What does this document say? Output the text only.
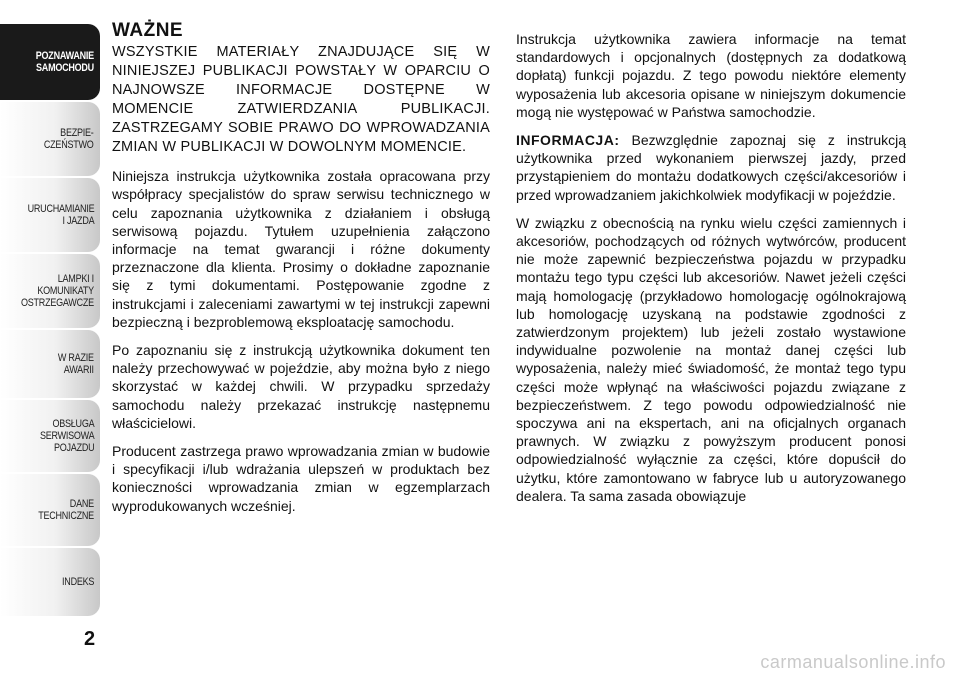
POZNAWANIE
SAMOCHODU
BEZPIE-
CZEŃSTWO
URUCHAMIANIE
I JAZDA
LAMPKI I
KOMUNIKATY
OSTRZEGAWCZE
W RAZIE
AWARII
OBSŁUGA
SERWISOWA
POJAZDU
DANE
TECHNICZNE
INDEKS
2
WAŻNE

WSZYSTKIE MATERIAŁY ZNAJDUJĄCE SIĘ W NINIEJSZEJ PUBLIKACJI POWSTAŁY W OPARCIU O NAJNOWSZE INFORMACJE DOSTĘPNE W MOMENCIE ZATWIERDZANIA PUBLIKACJI. ZASTRZEGAMY SOBIE PRAWO DO WPROWADZANIA ZMIAN W PUBLIKACJI W DOWOLNYM MOMENCIE.

Niniejsza instrukcja użytkownika została opracowana przy współpracy specjalistów do spraw serwisu technicznego w celu zapoznania użytkownika z działaniem i obsługą serwisową pojazdu. Tytułem uzupełnienia załączono informacje na temat gwarancji i różne dokumenty przeznaczone dla klienta. Prosimy o dokładne zapoznanie się z tymi dokumentami. Postępowanie zgodne z instrukcjami i zaleceniami zawartymi w tej instrukcji zapewni bezpieczną i bezproblemową eksploatację samochodu.

Po zapoznaniu się z instrukcją użytkownika dokument ten należy przechowywać w pojeździe, aby można było z niego skorzystać w każdej chwili. W przypadku sprzedaży samochodu należy przekazać instrukcję następnemu właścicielowi.

Producent zastrzega prawo wprowadzania zmian w budowie i specyfikacji i/lub wdrażania ulepszeń w produktach bez konieczności wprowadzania zmian w egzemplarzach wyprodukowanych wcześniej.

Instrukcja użytkownika zawiera informacje na temat standardowych i opcjonalnych (dostępnych za dodatkową dopłatą) funkcji pojazdu. Z tego powodu niektóre elementy wyposażenia lub akcesoria opisane w niniejszym dokumencie mogą nie występować w Państwa samochodzie.

INFORMACJA: Bezwzględnie zapoznaj się z instrukcją użytkownika przed wykonaniem pierwszej jazdy, przed przystąpieniem do montażu dodatkowych części/akcesoriów i przed wprowadzaniem jakichkolwiek modyfikacji w pojeździe.

W związku z obecnością na rynku wielu części zamiennych i akcesoriów, pochodzących od różnych wytwórców, producent nie może zapewnić bezpieczeństwa pojazdu w przypadku montażu tego typu części lub akcesoriów. Nawet jeżeli części mają homologację (przykładowo homologację ogólnokrajową lub homologację uzyskaną na podstawie zgodności z zatwierdzonym projektem) lub jeżeli zostało wystawione indywidualne pozwolenie na montaż danej części lub wyposażenia, należy mieć świadomość, że montaż tego typu części może wpłynąć na właściwości pojazdu związane z bezpieczeństwem. Z tego powodu odpowiedzialność nie spoczywa ani na ekspertach, ani na oficjalnych organach prawnych. W związku z powyższym producent ponosi odpowiedzialność wyłącznie za części, które dopuścił do użytku, które zamontowano w fabryce lub u autoryzowanego dealera. Ta sama zasada obowiązuje

carmanualsonline.info
